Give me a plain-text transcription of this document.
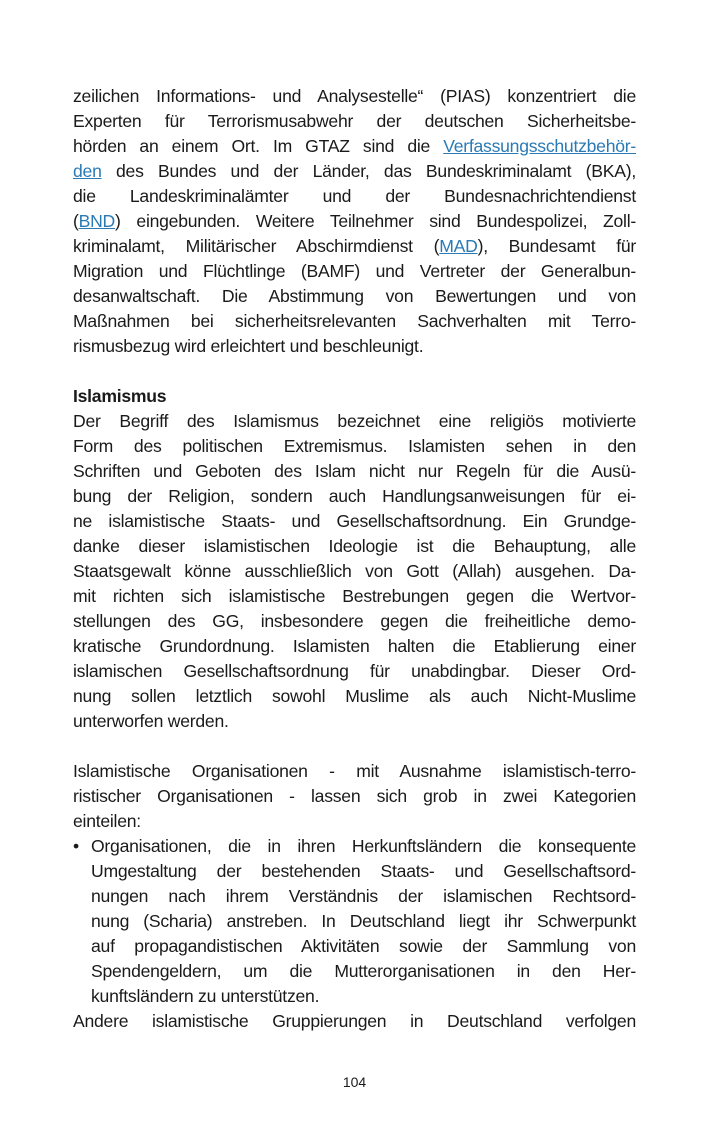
zeilichen Informations- und Analysestelle“ (PIAS) konzentriert die
Experten für Terrorismusabwehr der deutschen Sicherheitsbe-
hörden an einem Ort. Im GTAZ sind die Verfassungsschutzbehör-
den des Bundes und der Länder, das Bundeskriminalamt (BKA),
die Landeskriminalämter und der Bundesnachrichtendienst
(BND) eingebunden. Weitere Teilnehmer sind Bundespolizei, Zoll-
kriminalamt, Militärischer Abschirmdienst (MAD), Bundesamt für
Migration und Flüchtlinge (BAMF) und Vertreter der Generalbun-
desanwaltschaft. Die Abstimmung von Bewertungen und von
Maßnahmen bei sicherheitsrelevanten Sachverhalten mit Terro-
rismusbezug wird erleichtert und beschleunigt.
Islamismus
Der Begriff des Islamismus bezeichnet eine religiös motivierte
Form des politischen Extremismus. Islamisten sehen in den
Schriften und Geboten des Islam nicht nur Regeln für die Ausü-
bung der Religion, sondern auch Handlungsanweisungen für ei-
ne islamistische Staats- und Gesellschaftsordnung. Ein Grundge-
danke dieser islamistischen Ideologie ist die Behauptung, alle
Staatsgewalt könne ausschließlich von Gott (Allah) ausgehen. Da-
mit richten sich islamistische Bestrebungen gegen die Wertvor-
stellungen des GG, insbesondere gegen die freiheitliche demo-
kratische Grundordnung. Islamisten halten die Etablierung einer
islamischen Gesellschaftsordnung für unabdingbar. Dieser Ord-
nung sollen letztlich sowohl Muslime als auch Nicht-Muslime
unterworfen werden.
Islamistische Organisationen - mit Ausnahme islamistisch-terro-
ristischer Organisationen - lassen sich grob in zwei Kategorien
einteilen:
• Organisationen, die in ihren Herkunftsländern die konsequente
Umgestaltung der bestehenden Staats- und Gesellschaftsord-
nungen nach ihrem Verständnis der islamischen Rechtsord-
nung (Scharia) anstreben. In Deutschland liegt ihr Schwerpunkt
auf propagandistischen Aktivitäten sowie der Sammlung von
Spendengeldern, um die Mutterorganisationen in den Her-
kunftsländern zu unterstützen.
Andere islamistische Gruppierungen in Deutschland verfolgen
104
